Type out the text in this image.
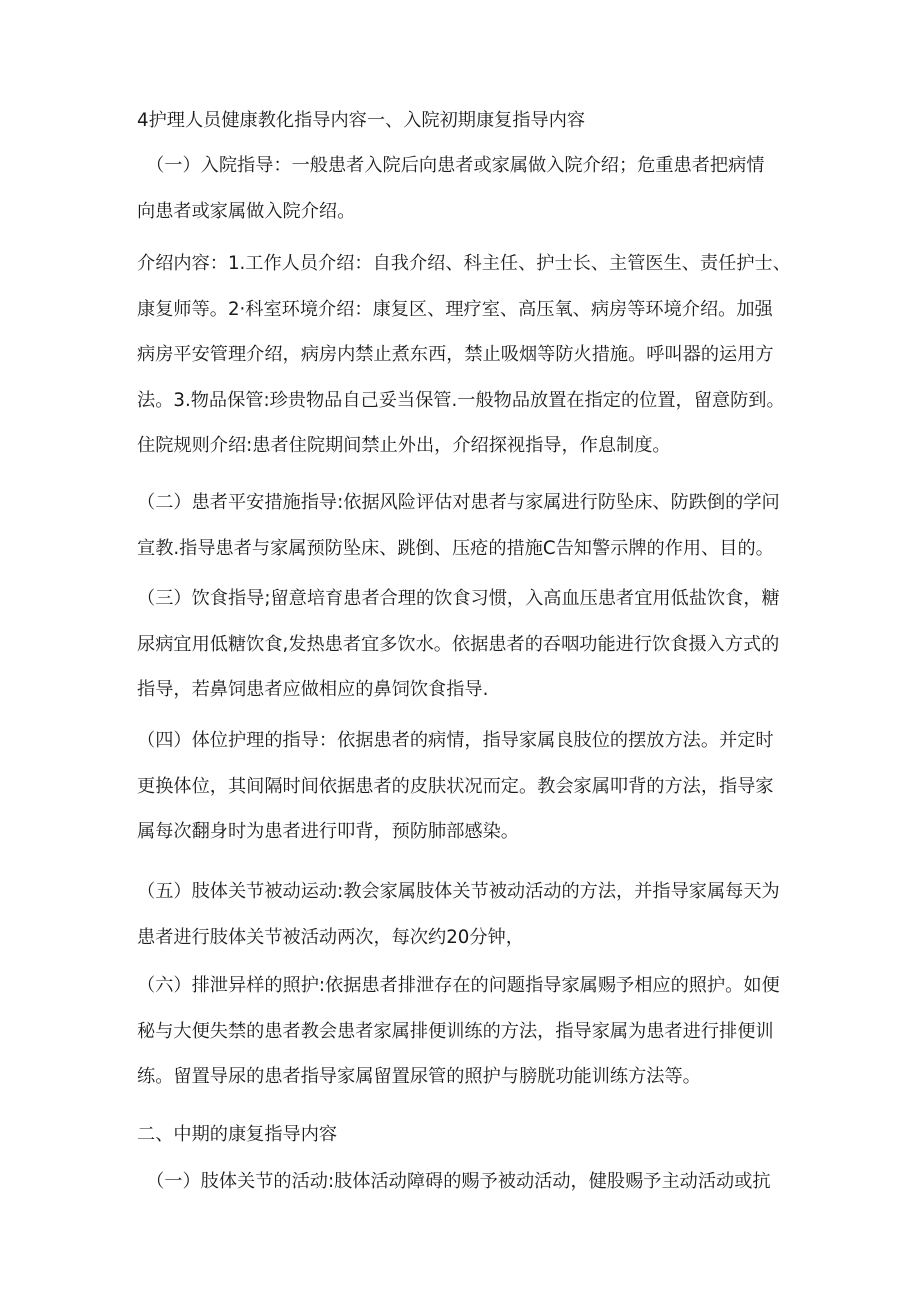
4护理人员健康教化指导内容一、入院初期康复指导内容

　（一）入院指导：一般患者入院后向患者或家属做入院介绍；危重患者把病情
向患者或家属做入院介绍。

介绍内容：1.工作人员介绍：自我介绍、科主任、护士长、主管医生、责任护士、
康复师等。2·科室环境介绍：康复区、理疗室、高压氧、病房等环境介绍。加强
病房平安管理介绍，病房内禁止煮东西，禁止吸烟等防火措施。呼叫器的运用方
法。3.物品保管:珍贵物品自己妥当保管.一般物品放置在指定的位置，留意防到。
住院规则介绍:患者住院期间禁止外出，介绍探视指导，作息制度。

（二）患者平安措施指导:依据风险评估对患者与家属进行防坠床、防跌倒的学问
宣教.指导患者与家属预防坠床、跳倒、压疮的措施C告知警示牌的作用、目的。

（三）饮食指导;留意培育患者合理的饮食习惯，入高血压患者宜用低盐饮食，糖
尿病宜用低糖饮食,发热患者宜多饮水。依据患者的吞咽功能进行饮食摄入方式的
指导，若鼻饲患者应做相应的鼻饲饮食指导.

（四）体位护理的指导：依据患者的病情，指导家属良肢位的摆放方法。并定时
更换体位，其间隔时间依据患者的皮肤状况而定。教会家属叩背的方法，指导家
属每次翻身时为患者进行叩背，预防肺部感染。

（五）肢体关节被动运动:教会家属肢体关节被动活动的方法，并指导家属每天为
患者进行肢体关节被活动两次，每次约20分钟，

（六）排泄异样的照护:依据患者排泄存在的问题指导家属赐予相应的照护。如便
秘与大便失禁的患者教会患者家属排便训练的方法，指导家属为患者进行排便训
练。留置导尿的患者指导家属留置尿管的照护与膀胱功能训练方法等。

二、中期的康复指导内容

　（一）肢体关节的活动:肢体活动障碍的赐予被动活动，健股赐予主动活动或抗
